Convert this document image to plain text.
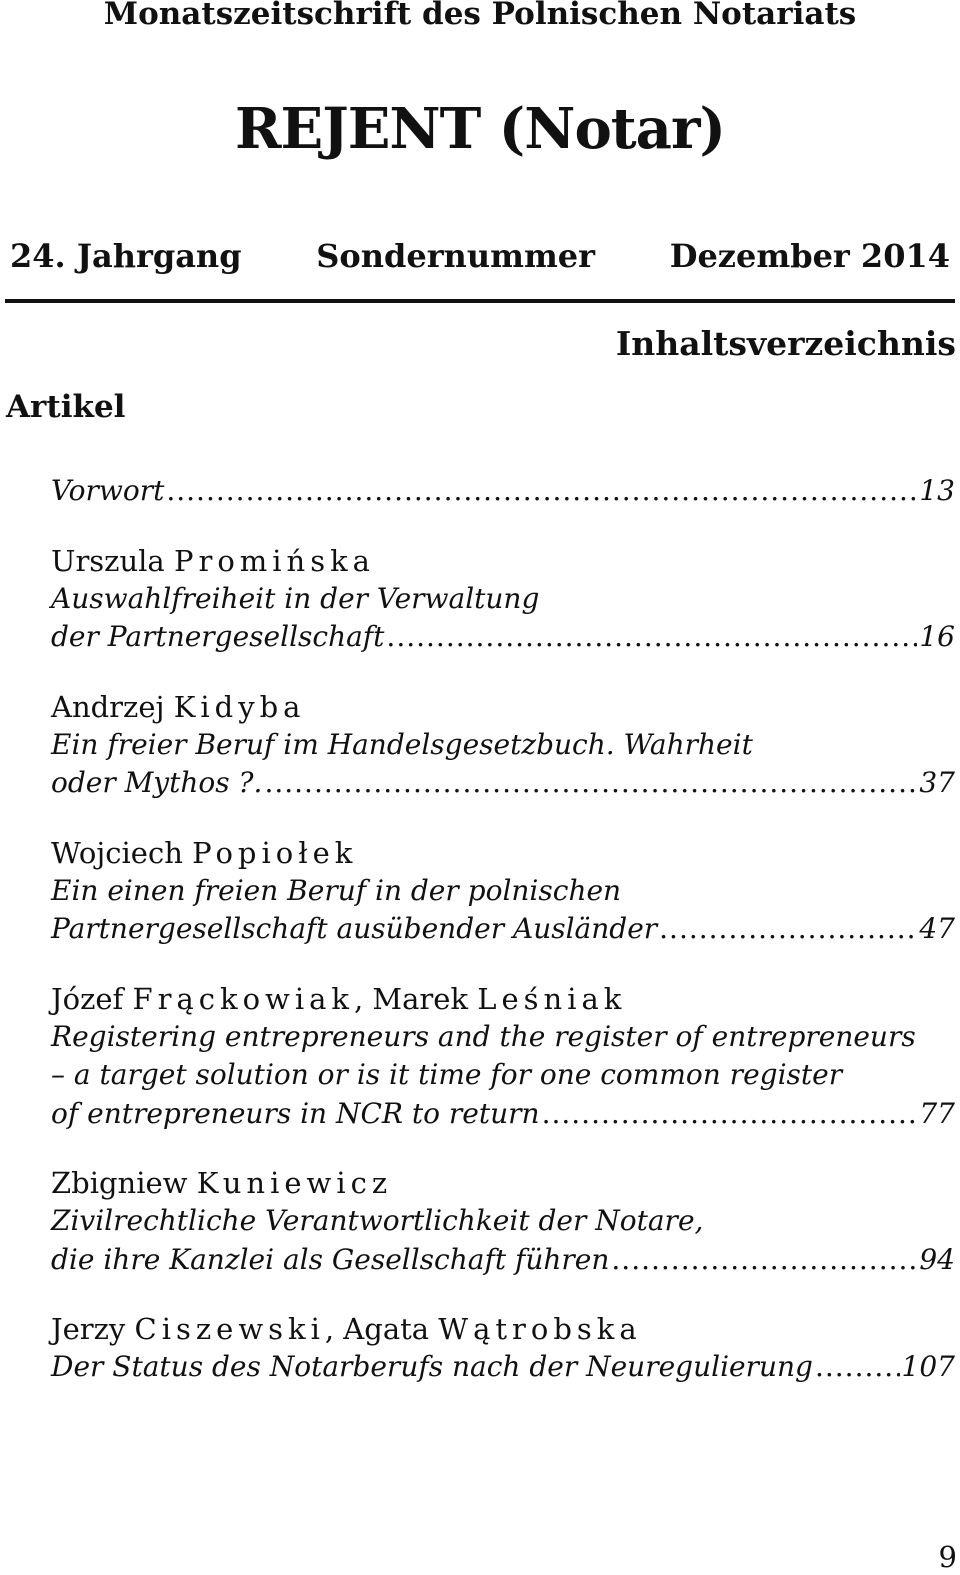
Monatszeitschrift des Polnischen Notariats
REJENT (Notar)
24. Jahrgang Sondernummer Dezember 2014
Inhaltsverzeichnis
Artikel
Vorwort .....	13
Urszula Promińska
Auswahlfreiheit in der Verwaltung
der Partnergesellschaft .....	16
Andrzej Kidyba
Ein freier Beruf im Handelsgesetzbuch. Wahrheit
oder Mythos ?. .....	37
Wojciech Popiołek
Ein einen freien Beruf in der polnischen
Partnergesellschaft ausübender Ausländer .....	47
Józef Frąckowiak, Marek Leśniak
Registering entrepreneurs and the register of entrepreneurs
– a target solution or is it time for one common register
of entrepreneurs in NCR to return .....	77
Zbigniew Kuniewicz
Zivilrechtliche Verantwortlichkeit der Notare,
die ihre Kanzlei als Gesellschaft führen .....	94
Jerzy Ciszewski, Agata Wątrobska
Der Status des Notarberufs nach der Neuregulierung .....	107
9
